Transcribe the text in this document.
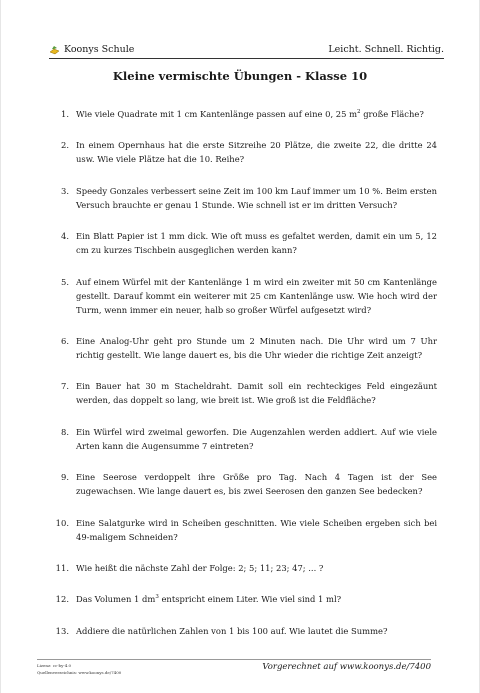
Koonys Schule	Leicht. Schnell. Richtig.
Kleine vermischte Übungen - Klasse 10
1. Wie viele Quadrate mit 1 cm Kantenlänge passen auf eine 0, 25 $m^2$ große Fläche?
2. In einem Opernhaus hat die erste Sitzreihe 20 Plätze, die zweite 22, die dritte 24 usw. Wie viele Plätze hat die 10. Reihe?
3. Speedy Gonzales verbessert seine Zeit im 100 km Lauf immer um 10 %. Beim ersten Versuch brauchte er genau 1 Stunde. Wie schnell ist er im dritten Versuch?
4. Ein Blatt Papier ist 1 mm dick. Wie oft muss es gefaltet werden, damit ein um 5, 12 cm zu kurzes Tischbein ausgeglichen werden kann?
5. Auf einem Würfel mit der Kantenlänge 1 m wird ein zweiter mit 50 cm Kantenlänge gestellt. Darauf kommt ein weiterer mit 25 cm Kantenlänge usw. Wie hoch wird der Turm, wenn immer ein neuer, halb so großer Würfel aufgesetzt wird?
6. Eine Analog-Uhr geht pro Stunde um 2 Minuten nach. Die Uhr wird um 7 Uhr richtig gestellt. Wie lange dauert es, bis die Uhr wieder die richtige Zeit anzeigt?
7. Ein Bauer hat 30 m Stacheldraht. Damit soll ein rechteckiges Feld eingezäunt werden, das doppelt so lang, wie breit ist. Wie groß ist die Feldfläche?
8. Ein Würfel wird zweimal geworfen. Die Augenzahlen werden addiert. Auf wie viele Arten kann die Augensumme 7 eintreten?
9. Eine Seerose verdoppelt ihre Größe pro Tag. Nach 4 Tagen ist der See zugewachsen. Wie lange dauert es, bis zwei Seerosen den ganzen See bedecken?
10. Eine Salatgurke wird in Scheiben geschnitten. Wie viele Scheiben ergeben sich bei 49-maligem Schneiden?
11. Wie heißt die nächste Zahl der Folge: 2; 5; 11; 23; 47; ... ?
12. Das Volumen 1 $dm^3$ entspricht einem Liter. Wie viel sind 1 ml?
13. Addiere die natürlichen Zahlen von 1 bis 100 auf. Wie lautet die Summe?
Lizenz: cc-by-4.0
Quellenverzeichnis: www.koonys.de/7400
Vorgerechnet auf www.koonys.de/7400
